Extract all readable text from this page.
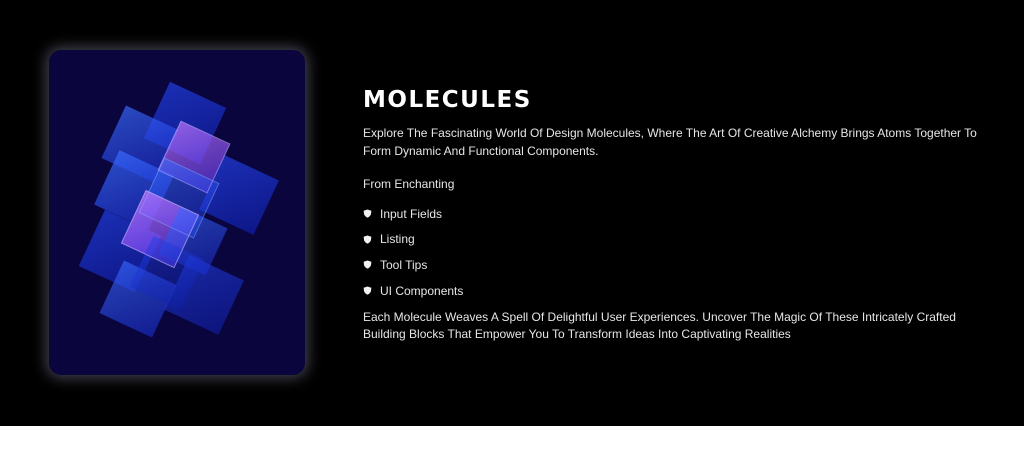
MOLECULES

Explore The Fascinating World Of Design Molecules, Where The Art Of Creative Alchemy Brings Atoms Together To Form Dynamic And Functional Components.

From Enchanting

Input Fields
Listing
Tool Tips
UI Components

Each Molecule Weaves A Spell Of Delightful User Experiences. Uncover The Magic Of These Intricately Crafted Building Blocks That Empower You To Transform Ideas Into Captivating Realities
